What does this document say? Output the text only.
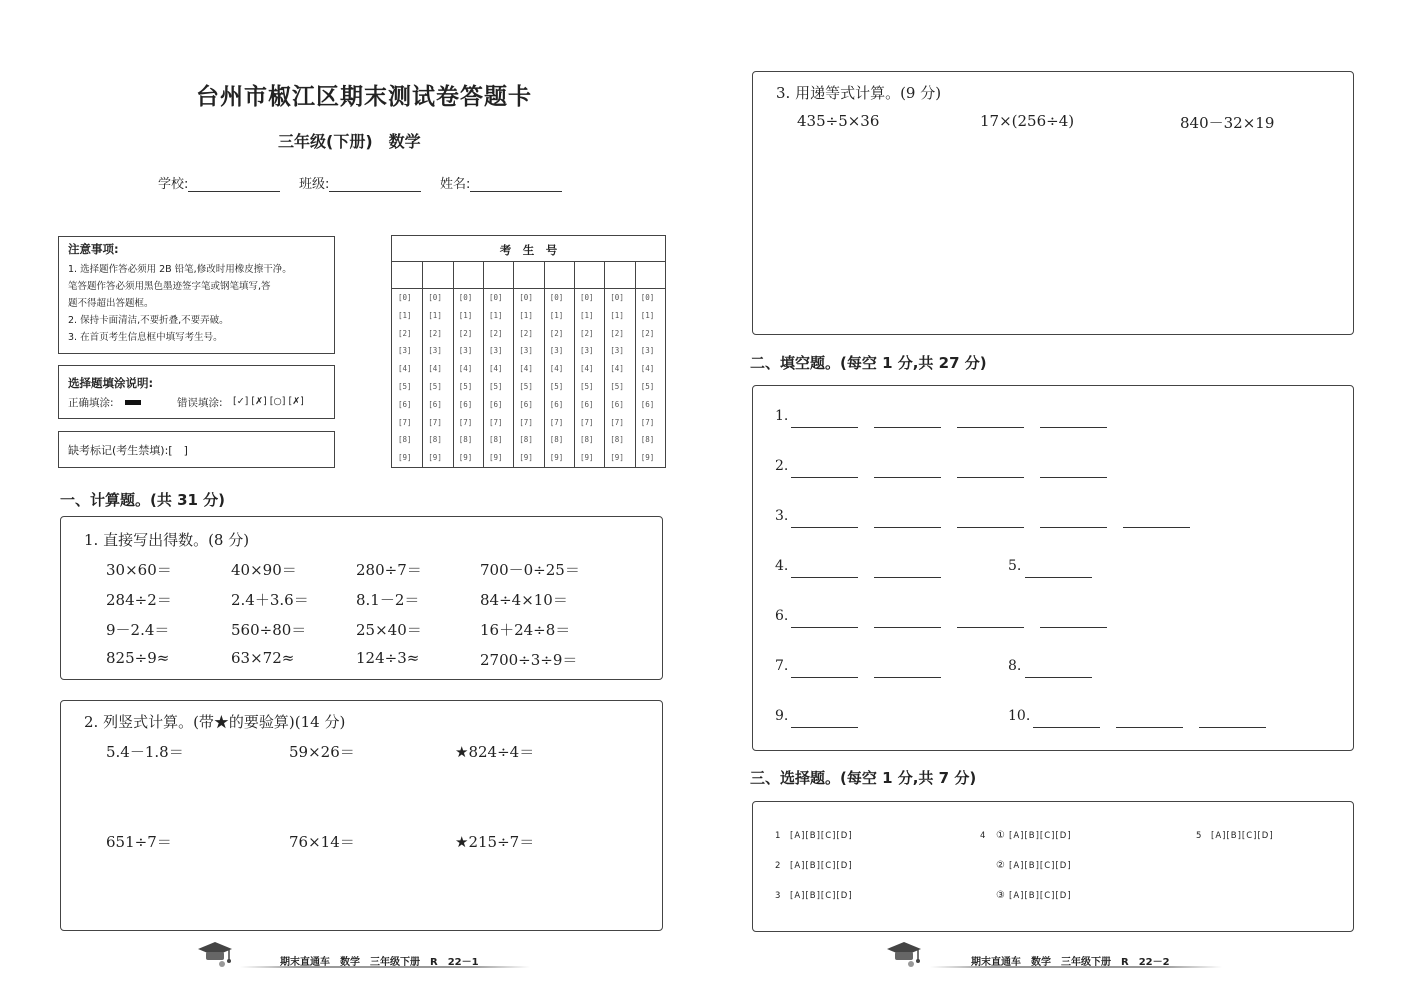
台州市椒江区期末测试卷答题卡
三年级(下册)　数学
学校:	班级:	姓名:
注意事项:
1. 选择题作答必须用 2B 铅笔,修改时用橡皮擦干净。
笔答题作答必须用黑色墨迹签字笔或钢笔填写,答
题不得超出答题框。
2. 保持卡面清洁,不要折叠,不要弄破。
3. 在首页考生信息框中填写考生号。
选择题填涂说明:
正确填涂:	错误填涂: [✓] [✗] [○] [✗]
缺考标记(考生禁填):[　]
考　生　号
[0] [0] [0] [0] [0] [0] [0] [0] [0]
[1] [1] [1] [1] [1] [1] [1] [1] [1]
[2] [2] [2] [2] [2] [2] [2] [2] [2]
[3] [3] [3] [3] [3] [3] [3] [3] [3]
[4] [4] [4] [4] [4] [4] [4] [4] [4]
[5] [5] [5] [5] [5] [5] [5] [5] [5]
[6] [6] [6] [6] [6] [6] [6] [6] [6]
[7] [7] [7] [7] [7] [7] [7] [7] [7]
[8] [8] [8] [8] [8] [8] [8] [8] [8]
[9] [9] [9] [9] [9] [9] [9] [9] [9]
一、计算题。(共 31 分)
1. 直接写出得数。(8 分)
30×60＝	40×90＝	280÷7＝	700－0÷25＝
284÷2＝	2.4＋3.6＝	8.1－2＝	84÷4×10＝
9－2.4＝	560÷80＝	25×40＝	16＋24÷8＝
825÷9≈	63×72≈	124÷3≈	2700÷3÷9＝
2. 列竖式计算。(带★的要验算)(14 分)
5.4－1.8＝	59×26＝	★824÷4＝
651÷7＝	76×14＝	★215÷7＝
期末直通车　数学　三年级下册　R　22－1
3. 用递等式计算。(9 分)
435÷5×36	17×(256÷4)	840－32×19
二、填空题。(每空 1 分,共 27 分)
1.
2.
3.
4.	5.
6.
7.	8.
9.	10.
三、选择题。(每空 1 分,共 7 分)
1 [A][B][C][D]
2 [A][B][C][D]
3 [A][B][C][D]
4 ① [A][B][C][D]
② [A][B][C][D]
③ [A][B][C][D]
5 [A][B][C][D]
期末直通车　数学　三年级下册　R　22－2
